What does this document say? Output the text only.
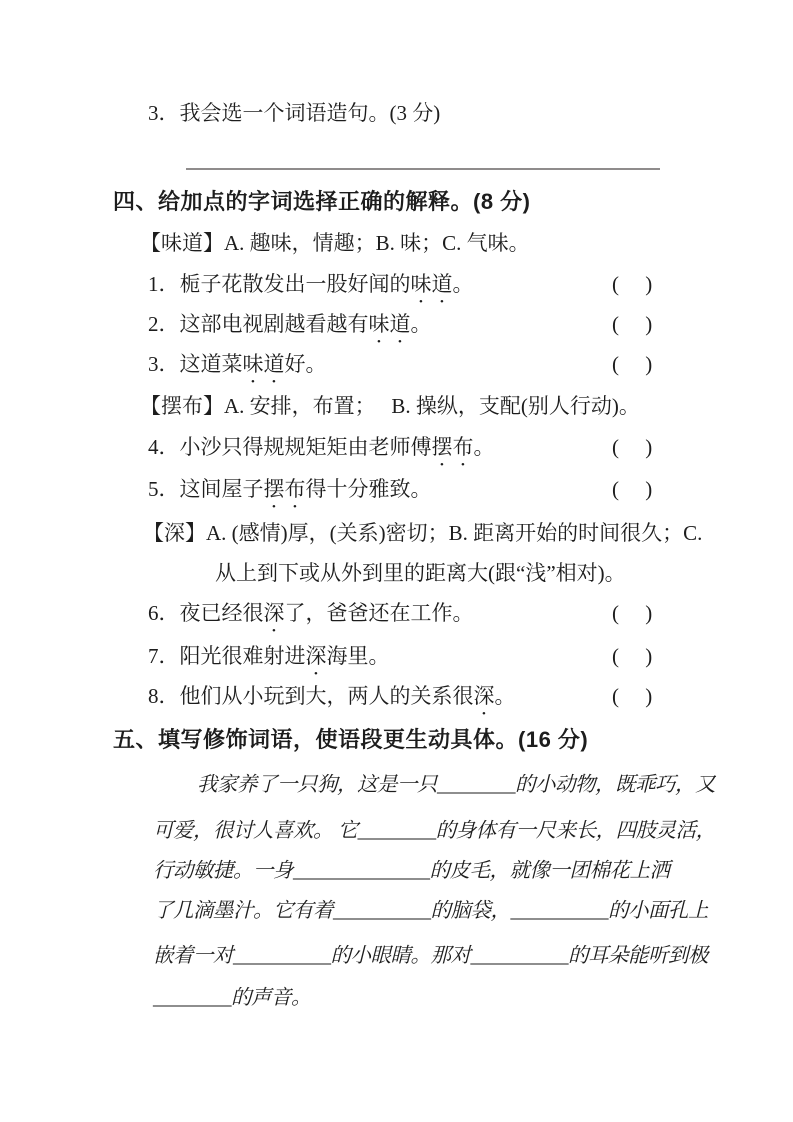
3．我会选一个词语造句。(3 分)
四、给加点的字词选择正确的解释。(8 分)
【味道】A. 趣味，情趣；B. 味；C. 气味。
1．栀子花散发出一股好闻的味道。	(     )
2．这部电视剧越看越有味道。	(     )
3．这道菜味道好。	(     )
【摆布】A. 安排，布置；   B. 操纵，支配(别人行动)。
4．小沙只得规规矩矩由老师傅摆布。	(     )
5．这间屋子摆布得十分雅致。	(     )
【深】A. (感情)厚，(关系)密切；B. 距离开始的时间很久；C.
从上到下或从外到里的距离大(跟“浅”相对)。
6．夜已经很深了，爸爸还在工作。	(     )
7．阳光很难射进深海里。	(     )
8．他们从小玩到大，两人的关系很深。	(     )
五、填写修饰词语，使语段更生动具体。(16 分)
我家养了一只狗，这是一只________的小动物，既乖巧，又
可爱，很讨人喜欢。 它________的身体有一尺来长，四肢灵活，
行动敏捷。一身______________的皮毛，就像一团棉花上洒
了几滴墨汁。它有着__________的脑袋，__________的小面孔上
嵌着一对__________的小眼睛。那对__________的耳朵能听到极
________的声音。
